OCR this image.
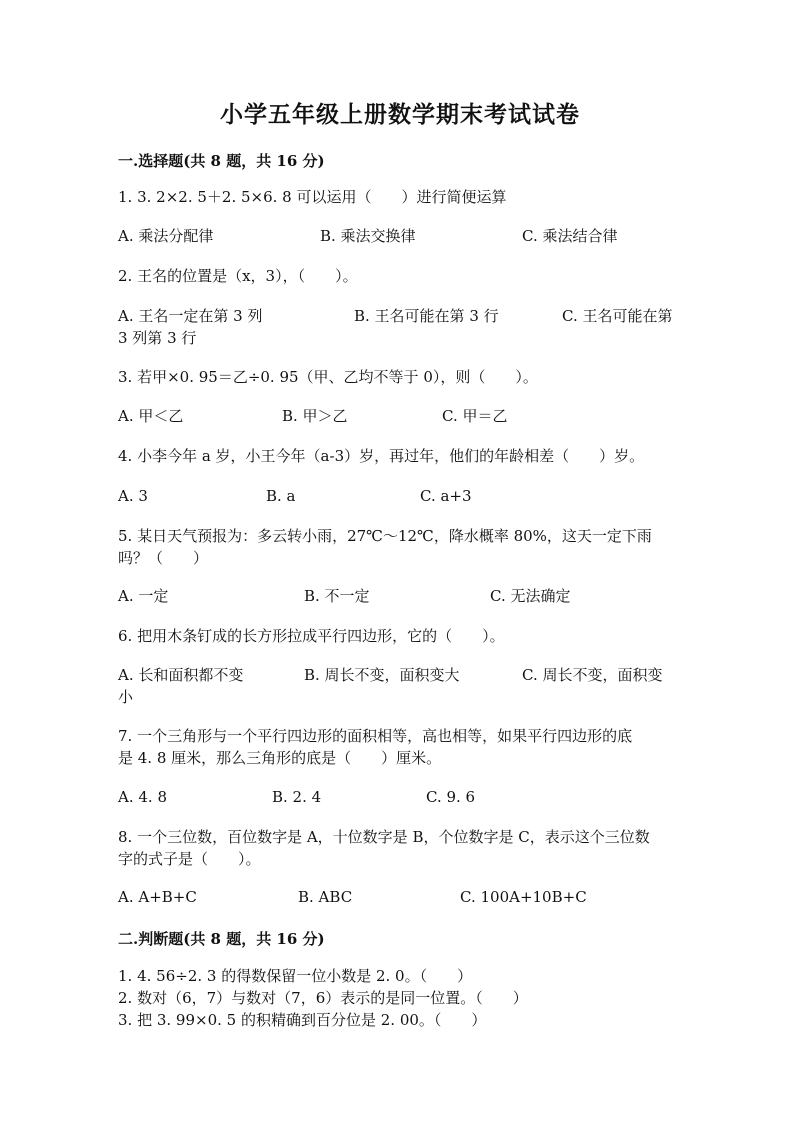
小学五年级上册数学期末考试试卷
一.选择题(共 8 题，共 16 分)
1. 3. 2×2. 5＋2. 5×6. 8 可以运用（　　）进行简便运算
A. 乘法分配律	B. 乘法交换律	C. 乘法结合律
2. 王名的位置是（x，3），（　　）。
A. 王名一定在第 3 列	B. 王名可能在第 3 行	C. 王名可能在第
3 列第 3 行
3. 若甲×0. 95＝乙÷0. 95（甲、乙均不等于 0），则（　　）。
A. 甲＜乙	B. 甲＞乙	C. 甲＝乙
4. 小李今年 a 岁，小王今年（a-3）岁，再过年，他们的年龄相差（　　）岁。
A. 3	B. a	C. a+3
5. 某日天气预报为：多云转小雨，27℃～12℃，降水概率 80%，这天一定下雨
吗？（　　）
A. 一定	B. 不一定	C. 无法确定
6. 把用木条钉成的长方形拉成平行四边形，它的（　　）。
A. 长和面积都不变	B. 周长不变，面积变大	C. 周长不变，面积变
小
7. 一个三角形与一个平行四边形的面积相等，高也相等，如果平行四边形的底
是 4. 8 厘米，那么三角形的底是（　　）厘米。
A. 4. 8	B. 2. 4	C. 9. 6
8. 一个三位数，百位数字是 A，十位数字是 B，个位数字是 C，表示这个三位数
字的式子是（　　）。
A. A+B+C	B. ABC	C. 100A+10B+C
二.判断题(共 8 题，共 16 分)
1. 4. 56÷2. 3 的得数保留一位小数是 2. 0。（　　）
2. 数对（6，7）与数对（7，6）表示的是同一位置。（　　）
3. 把 3. 99×0. 5 的积精确到百分位是 2. 00。（　　）
